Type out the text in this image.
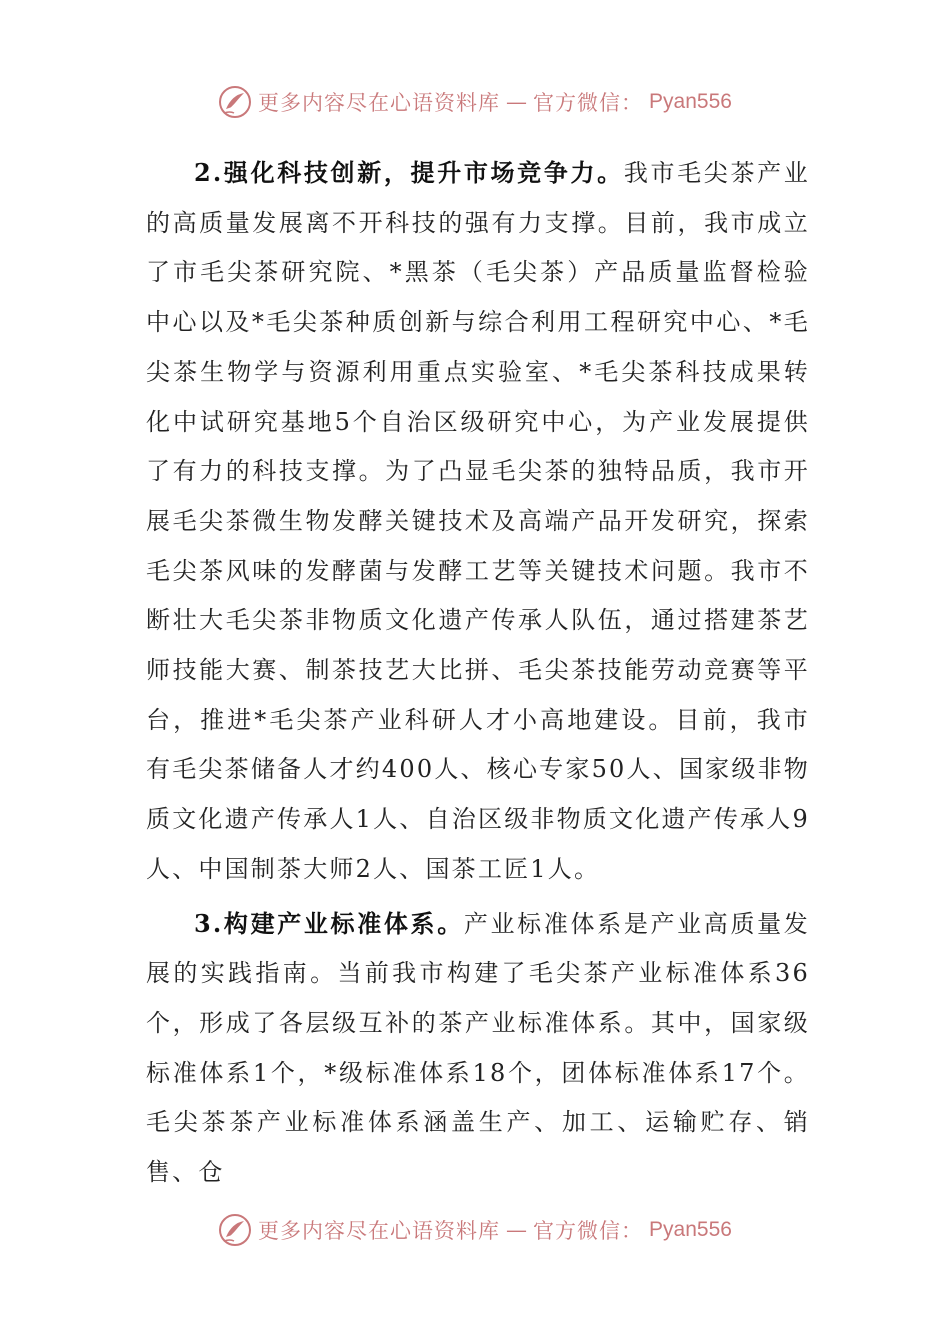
更多内容尽在心语资料库 — 官方微信： Pyan556

2.强化科技创新，提升市场竞争力。我市毛尖茶产业的高质量发展离不开科技的强有力支撑。目前，我市成立了市毛尖茶研究院、*黑茶（毛尖茶）产品质量监督检验中心以及*毛尖茶种质创新与综合利用工程研究中心、*毛尖茶生物学与资源利用重点实验室、*毛尖茶科技成果转化中试研究基地5个自治区级研究中心，为产业发展提供了有力的科技支撑。为了凸显毛尖茶的独特品质，我市开展毛尖茶微生物发酵关键技术及高端产品开发研究，探索毛尖茶风味的发酵菌与发酵工艺等关键技术问题。我市不断壮大毛尖茶非物质文化遗产传承人队伍，通过搭建茶艺师技能大赛、制茶技艺大比拼、毛尖茶技能劳动竞赛等平台，推进*毛尖茶产业科研人才小高地建设。目前，我市有毛尖茶储备人才约400人、核心专家50人、国家级非物质文化遗产传承人1人、自治区级非物质文化遗产传承人9人、中国制茶大师2人、国茶工匠1人。

3.构建产业标准体系。产业标准体系是产业高质量发展的实践指南。当前我市构建了毛尖茶产业标准体系36个，形成了各层级互补的茶产业标准体系。其中，国家级标准体系1个，*级标准体系18个，团体标准体系17个。毛尖茶茶产业标准体系涵盖生产、加工、运输贮存、销售、仓

更多内容尽在心语资料库 — 官方微信： Pyan556
